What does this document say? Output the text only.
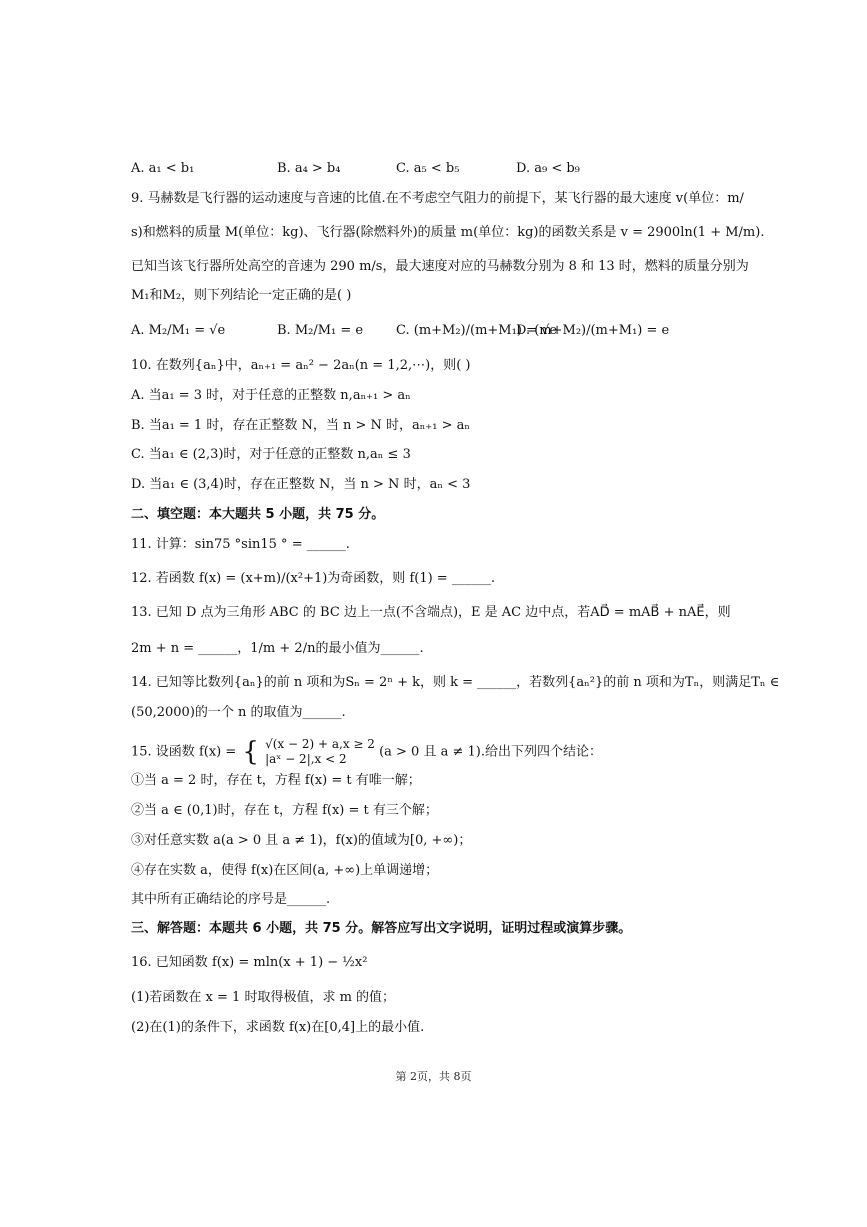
A. a₁ < b₁	B. a₄ > b₄	C. a₅ < b₅	D. a₉ < b₉
9. 马赫数是飞行器的运动速度与音速的比值.在不考虑空气阻力的前提下，某飞行器的最大速度 v(单位：m/
s)和燃料的质量 M(单位：kg)、飞行器(除燃料外)的质量 m(单位：kg)的函数关系是 v = 2900ln(1 + M/m).
已知当该飞行器所处高空的音速为 290 m/s，最大速度对应的马赫数分别为 8 和 13 时，燃料的质量分别为
M₁和M₂，则下列结论一定正确的是( )
A. M₂/M₁ = √e	B. M₂/M₁ = e	C. (m+M₂)/(m+M₁) = √e
D. (m+M₂)/(m+M₁) = e
10. 在数列{aₙ}中，aₙ₊₁ = aₙ² − 2aₙ(n = 1,2,⋯)，则( )
A. 当a₁ = 3 时，对于任意的正整数 n,aₙ₊₁ > aₙ
B. 当a₁ = 1 时，存在正整数 N，当 n > N 时，aₙ₊₁ > aₙ
C. 当a₁ ∈ (2,3)时，对于任意的正整数 n,aₙ ≤ 3
D. 当a₁ ∈ (3,4)时，存在正整数 N，当 n > N 时，aₙ < 3
二、填空题：本大题共 5 小题，共 75 分。
11. 计算：sin75 °sin15 ° = ______.
12. 若函数 f(x) = (x+m)/(x²+1)为奇函数，则 f(1) = ______.
13. 已知 D 点为三角形 ABC 的 BC 边上一点(不含端点)，E 是 AC 边中点，若AD⃗ = mAB⃗ + nAE⃗，则
2m + n = ______，1/m + 2/n的最小值为______.
14. 已知等比数列{aₙ}的前 n 项和为Sₙ = 2ⁿ + k，则 k = ______，若数列{aₙ²}的前 n 项和为Tₙ，则满足Tₙ ∈
(50,2000)的一个 n 的取值为______.
15. 设函数 f(x) = { √(x − 2) + a,x ≥ 2
|aˣ − 2|,x < 2	(a > 0 且 a ≠ 1).给出下列四个结论：
①当 a = 2 时，存在 t，方程 f(x) = t 有唯一解；
②当 a ∈ (0,1)时，存在 t，方程 f(x) = t 有三个解；
③对任意实数 a(a > 0 且 a ≠ 1)，f(x)的值域为[0, +∞)；
④存在实数 a，使得 f(x)在区间(a, +∞)上单调递增；
其中所有正确结论的序号是______.
三、解答题：本题共 6 小题，共 75 分。解答应写出文字说明，证明过程或演算步骤。
16. 已知函数 f(x) = mln(x + 1) − ½x²
(1)若函数在 x = 1 时取得极值，求 m 的值；
(2)在(1)的条件下，求函数 f(x)在[0,4]上的最小值.
第 2页，共 8页
